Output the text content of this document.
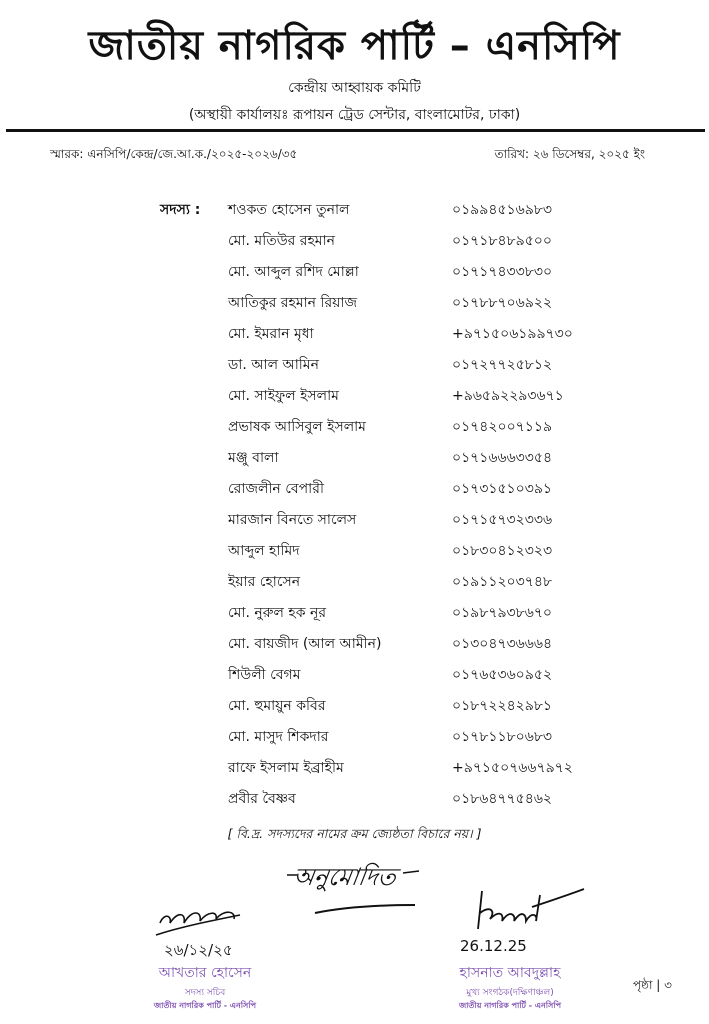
জাতীয় নাগরিক পার্টি – এনসিপি
কেন্দ্রীয় আহ্বায়ক কমিটি
(অস্থায়ী কার্যালয়ঃ রূপায়ন ট্রেড সেন্টার, বাংলামোটর, ঢাকা)
স্মারক: এনসিপি/কেন্দ্র/জে.আ.ক./২০২৫-২০২৬/৩৫	তারিখ: ২৬ ডিসেম্বর, ২০২৫ ইং
সদস্য : শওকত হোসেন তুনাল	০১৯৯৪৫১৬৯৮৩
মো. মতিউর রহমান	০১৭১৮৪৮৯৫০০
মো. আব্দুল রশিদ মোল্লা	০১৭১৭৪৩৩৮৩০
আতিকুর রহমান রিয়াজ	০১৭৮৮৭০৬৯২২
মো. ইমরান মৃধা	+৯৭১৫০৬১৯৯৭৩০
ডা. আল আমিন	০১৭২৭৭২৫৮১২
মো. সাইফুল ইসলাম	+৯৬৫৯২২৯৩৬৭১
প্রভাষক আসিবুল ইসলাম	০১৭৪২০০৭১১৯
মঞ্জু বালা	০১৭১৬৬৬৩৩৫৪
রোজলীন বেপারী	০১৭৩১৫১০৩৯১
মারজান বিনতে সালেস	০১৭১৫৭৩২৩৩৬
আব্দুল হামিদ	০১৮৩০৪১২৩২৩
ইয়ার হোসেন	০১৯১১২০৩৭৪৮
মো. নুরুল হক নূর	০১৯৮৭৯৩৮৬৭০
মো. বায়জীদ (আল আমীন)	০১৩০৪৭৩৬৬৬৪
শিউলী বেগম	০১৭৬৫৩৬০৯৫২
মো. হুমায়ুন কবির	০১৮৭২২৪২৯৮১
মো. মাসুদ শিকদার	০১৭৮১১৮০৬৮৩
রাফে ইসলাম ইব্রাহীম	+৯৭১৫০৭৬৬৭৯৭২
প্রবীর বৈষ্ণব	০১৮৬৪৭৭৫৪৬২
[ বি.দ্র. সদস্যদের নামের ক্রম জ্যেষ্ঠতা বিচারে নয়। ]
অনুমোদিত
২৬/১২/২৫
আখতার হোসেন
সদস্য সচিব
জাতীয় নাগরিক পার্টি - এনসিপি
26.12.25
হাসনাত আবদুল্লাহ
মুখ্য সংগঠক(দক্ষিণাঞ্চল)
জাতীয় নাগরিক পার্টি - এনসিপি
পৃষ্ঠা | ৩
